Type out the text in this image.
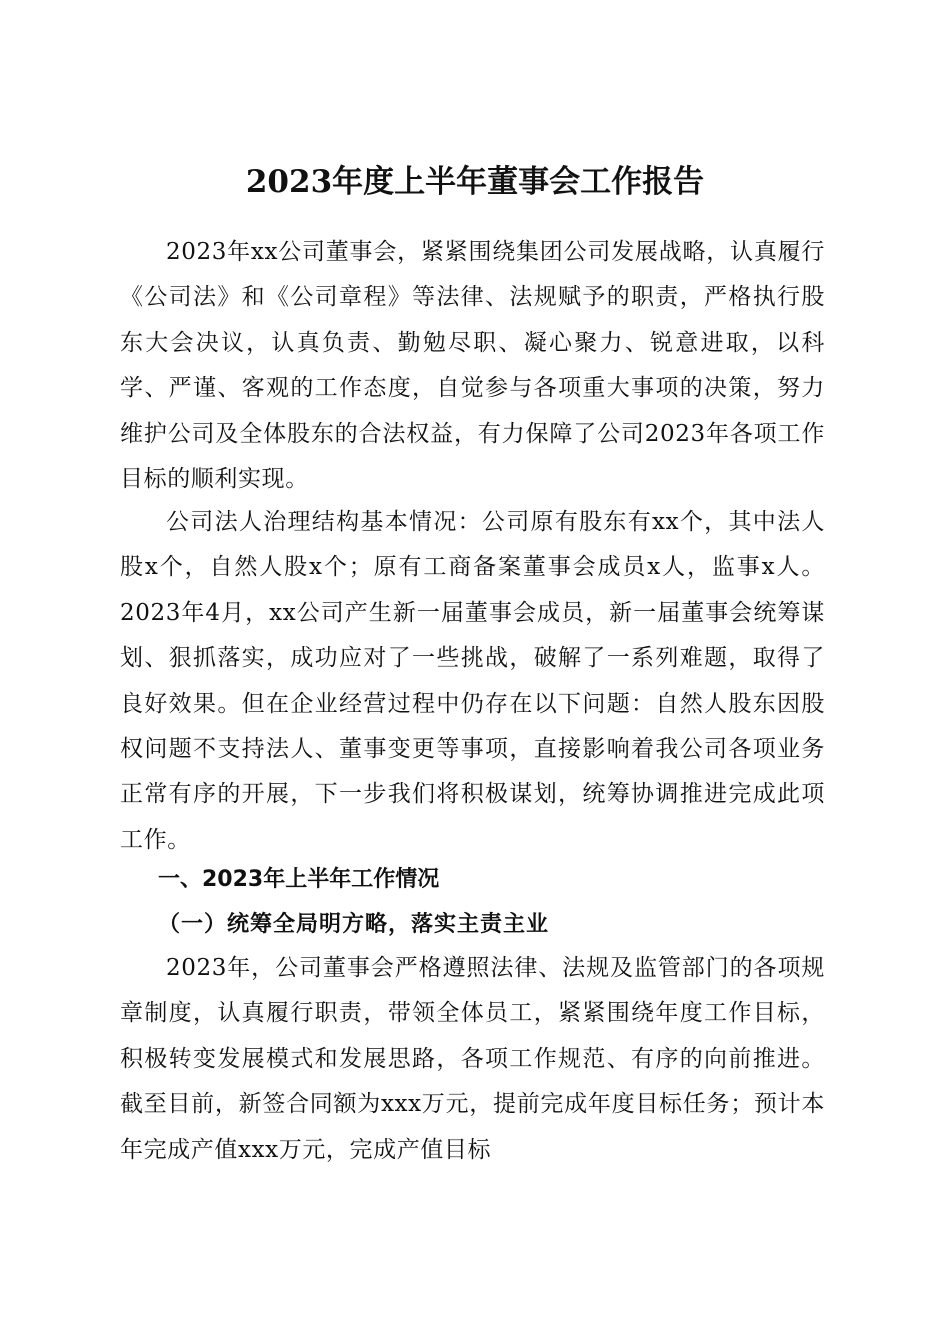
2023年度上半年董事会工作报告

2023年xx公司董事会，紧紧围绕集团公司发展战略，认真履行《公司法》和《公司章程》等法律、法规赋予的职责，严格执行股东大会决议，认真负责、勤勉尽职、凝心聚力、锐意进取，以科学、严谨、客观的工作态度，自觉参与各项重大事项的决策，努力维护公司及全体股东的合法权益，有力保障了公司2023年各项工作目标的顺利实现。

公司法人治理结构基本情况：公司原有股东有xx个，其中法人股x个，自然人股x个；原有工商备案董事会成员x人，监事x人。2023年4月，xx公司产生新一届董事会成员，新一届董事会统筹谋划、狠抓落实，成功应对了一些挑战，破解了一系列难题，取得了良好效果。但在企业经营过程中仍存在以下问题：自然人股东因股权问题不支持法人、董事变更等事项，直接影响着我公司各项业务正常有序的开展，下一步我们将积极谋划，统筹协调推进完成此项工作。

一、2023年上半年工作情况
（一）统筹全局明方略，落实主责主业

2023年，公司董事会严格遵照法律、法规及监管部门的各项规章制度，认真履行职责，带领全体员工，紧紧围绕年度工作目标，积极转变发展模式和发展思路，各项工作规范、有序的向前推进。截至目前，新签合同额为xxx万元，提前完成年度目标任务；预计本年完成产值xxx万元，完成产值目标
